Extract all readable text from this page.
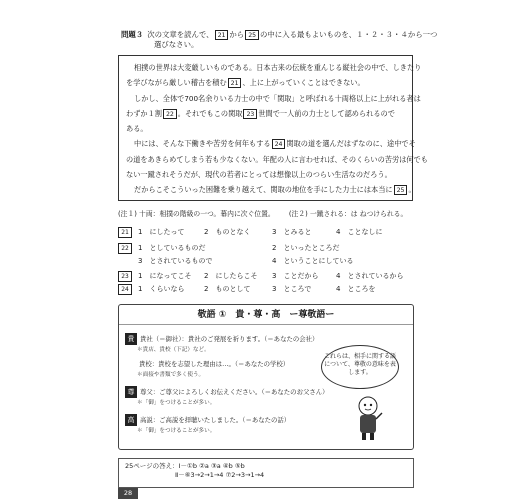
問題３ 次の文章を読んで、 21 から 25 の中に入る最もよいものを、１・２・３・４から一つ
選びなさい。
相撲の世界は大変厳しいものである。日本古来の伝統を重んじる縦社会の中で、しきたり
を学びながら厳しい稽古を積む 21 、上に上がっていくことはできない。
しかし、全体で700名余りいる力士の中で「関取」と呼ばれる十両格以上に上がれる者は
わずか１割 22 。それでもこの関取 23 世間で一人前の力士として認められるので
ある。
中には、そんな下働きや苦労を何年もする 24 関取の道を選んだはずなのに、途中でそ
の道をあきらめてしまう若も少なくない。年配の人に言わせれば、そのくらいの苦労は何でも
ない一蹴されそうだが、現代の若者にとっては想像以上のつらい生活なのだろう。
だからこそこういった困難を乗り越えて、関取の地位を手にした力士には本当に 25 。
(注１) 十両：相撲の階級の一つ。幕内に次ぐ位置。 (注２) 一蹴される：は ねつけられる。
21	1　にしたって	2　ものとなく	3　とみると	4　ことなしに
22	1　としているものだ	2　といったところだ
3　とされているもので	4　ということにしている
23	1　になってこそ 2　にしたらこそ 3　ことだから	4　とされているから
24	1　くらいなら	2　ものとして	3　ところで	4　ところを
敬語 ①　貴・尊・高　ー尊敬語ー
貴 貴社（＝御社）：貴社のご発展を祈ります。（＝あなたの会社）
＊貴店、貴校（下記）など。
貴校：貴校を志望した理由は…。（＝あなたの学校）
＊面接や書類で多く使う。
尊 尊父：ご尊父によろしくお伝えください。（＝あなたのお父さん）
＊「御」をつけることが多い。
高 高説：ご高説を拝聴いたしました。（＝あなたの話）
＊「御」をつけることが多い。
これらは、相手に関する語について、尊敬の意味を表します。
25ページの答え：Ⅰ－①b ②a ③a ④b ⑤b
Ⅱ－⑥3→2→1→4 ⑦2→3→1→4
28
